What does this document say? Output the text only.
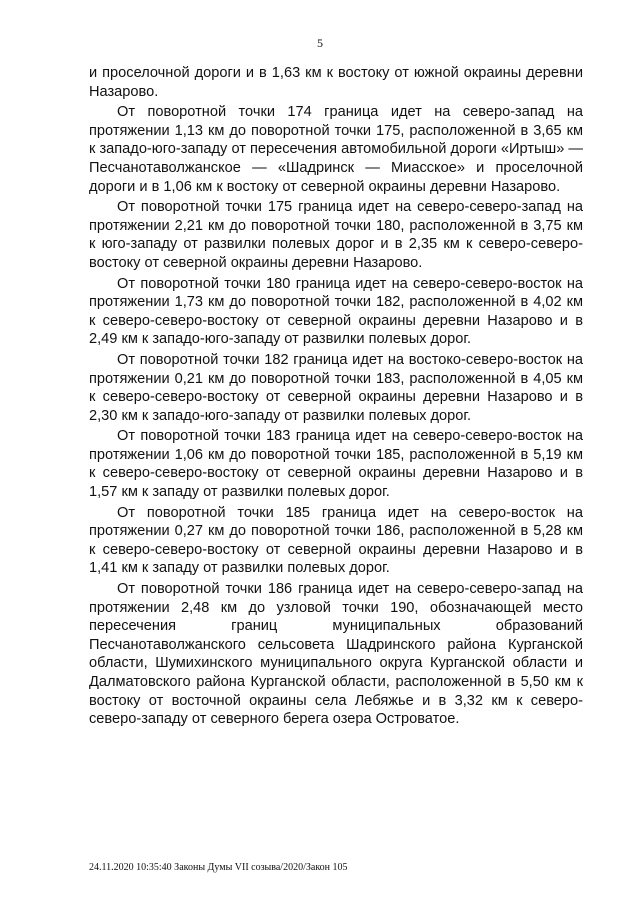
5

и проселочной дороги и в 1,63 км к востоку от южной окраины деревни Назарово.

От поворотной точки 174 граница идет на северо-запад на протяжении 1,13 км до поворотной точки 175, расположенной в 3,65 км к западо-юго-западу от пересечения автомобильной дороги «Иртыш» — Песчанотаволжанское — «Шадринск — Миасское» и проселочной дороги и в 1,06 км к востоку от северной окраины деревни Назарово.

От поворотной точки 175 граница идет на северо-северо-запад на протяжении 2,21 км до поворотной точки 180, расположенной в 3,75 км к юго-западу от развилки полевых дорог и в 2,35 км к северо-северо-востоку от северной окраины деревни Назарово.

От поворотной точки 180 граница идет на северо-северо-восток на протяжении 1,73 км до поворотной точки 182, расположенной в 4,02 км к северо-северо-востоку от северной окраины деревни Назарово и в 2,49 км к западо-юго-западу от развилки полевых дорог.

От поворотной точки 182 граница идет на востоко-северо-восток на протяжении 0,21 км до поворотной точки 183, расположенной в 4,05 км к северо-северо-востоку от северной окраины деревни Назарово и в 2,30 км к западо-юго-западу от развилки полевых дорог.

От поворотной точки 183 граница идет на северо-северо-восток на протяжении 1,06 км до поворотной точки 185, расположенной в 5,19 км к северо-северо-востоку от северной окраины деревни Назарово и в 1,57 км к западу от развилки полевых дорог.

От поворотной точки 185 граница идет на северо-восток на протяжении 0,27 км до поворотной точки 186, расположенной в 5,28 км к северо-северо-востоку от северной окраины деревни Назарово и в 1,41 км к западу от развилки полевых дорог.

От поворотной точки 186 граница идет на северо-северо-запад на протяжении 2,48 км до узловой точки 190, обозначающей место пересечения границ муниципальных образований Песчанотаволжанского сельсовета Шадринского района Курганской области, Шумихинского муниципального округа Курганской области и Далматовского района Курганской области, расположенной в 5,50 км к востоку от восточной окраины села Лебяжье и в 3,32 км к северо-северо-западу от северного берега озера Островатое.

24.11.2020 10:35:40 Законы Думы VII созыва/2020/Закон 105
